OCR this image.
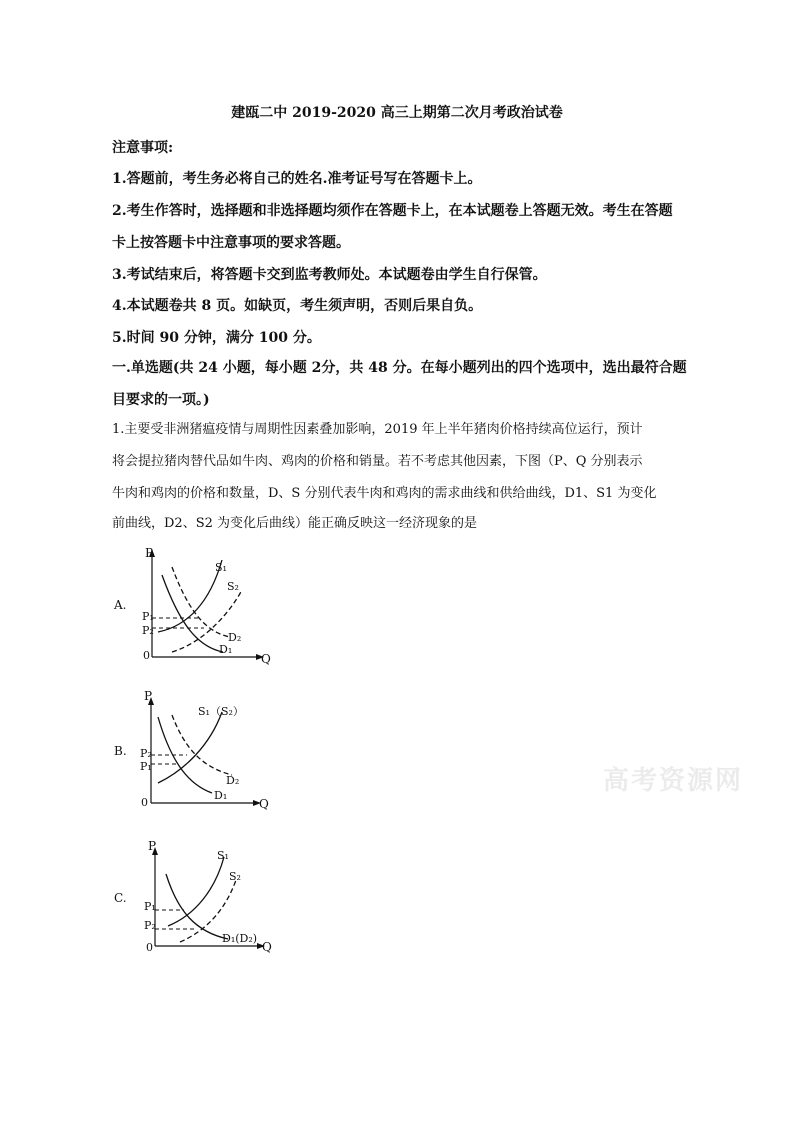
建瓯二中 2019-2020 高三上期第二次月考政治试卷
注意事项:
1.答题前，考生务必将自己的姓名.准考证号写在答题卡上。
2.考生作答时，选择题和非选择题均须作在答题卡上，在本试题卷上答题无效。考生在答题
卡上按答题卡中注意事项的要求答题。
3.考试结束后，将答题卡交到监考教师处。本试题卷由学生自行保管。
4.本试题卷共 8 页。如缺页，考生须声明，否则后果自负。
5.时间 90 分钟，满分 100 分。
一.单选题(共 24 小题，每小题 2分，共 48 分。在每小题列出的四个选项中，选出最符合题
目要求的一项。)
1.主要受非洲猪瘟疫情与周期性因素叠加影响，2019 年上半年猪肉价格持续高位运行，预计
将会提拉猪肉替代品如牛肉、鸡肉的价格和销量。若不考虑其他因素，下图（P、Q 分别表示
牛肉和鸡肉的价格和数量，D、S 分别代表牛肉和鸡肉的需求曲线和供给曲线，D1、S1 为变化
前曲线，D2、S2 为变化后曲线）能正确反映这一经济现象的是
A.
P
Q
0
P₁
P₂
S₁
S₂
D₂
D₁
B.
P
Q
0
P₂
P₁
S₁（S₂）
D₂
D₁
C.
P
Q
0
P₁
P₂
S₁
S₂
D₁(D₂)
高考资源网
